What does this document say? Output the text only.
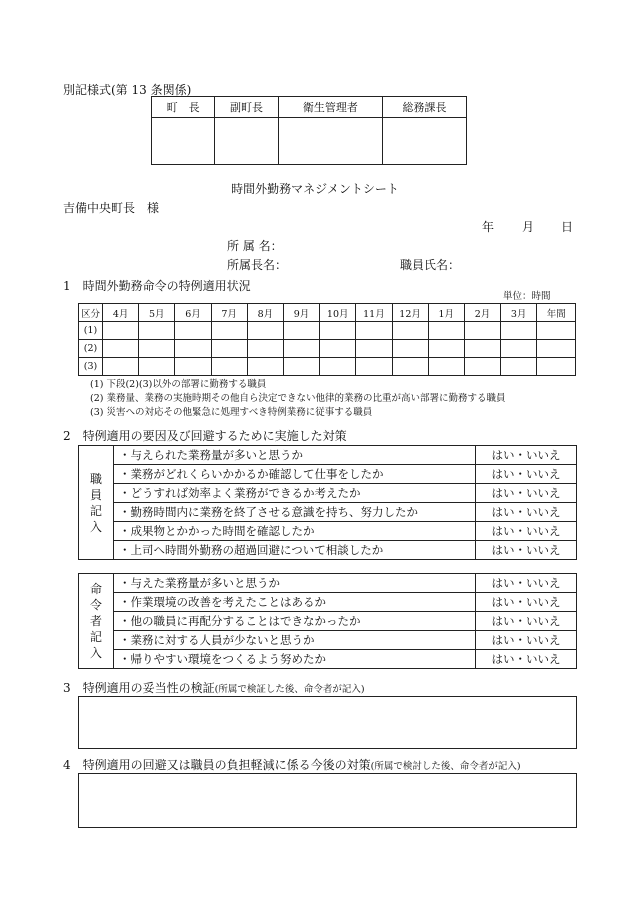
別記様式(第 13 条関係)
町　長	副町長	衛生管理者	総務課長

時間外勤務マネジメントシート
吉備中央町長　様
年 月 日
所 属 名：
所属長名：	職員氏名：
1　時間外勤務命令の特例適用状況
単位：時間
区分	4月	5月	6月	7月	8月	9月	10月	11月	12月	1月	2月	3月	年間
(1)													
(2)													
(3)													
(1) 下段(2)(3)以外の部署に勤務する職員
(2) 業務量、業務の実施時期その他自ら決定できない他律的業務の比重が高い部署に勤務する職員
(3) 災害への対応その他緊急に処理すべき特例業務に従事する職員
2　特例適用の要因及び回避するために実施した対策
職
員
記
入	・与えられた業務量が多いと思うか	はい・いいえ
	・業務がどれくらいかかるか確認して仕事をしたか	はい・いいえ
	・どうすれば効率よく業務ができるか考えたか	はい・いいえ
	・勤務時間内に業務を終了させる意識を持ち、努力したか	はい・いいえ
	・成果物とかかった時間を確認したか	はい・いいえ
	・上司へ時間外勤務の超過回避について相談したか	はい・いいえ
命
令
者
記
入	・与えた業務量が多いと思うか	はい・いいえ
	・作業環境の改善を考えたことはあるか	はい・いいえ
	・他の職員に再配分することはできなかったか	はい・いいえ
	・業務に対する人員が少ないと思うか	はい・いいえ
	・帰りやすい環境をつくるよう努めたか	はい・いいえ
3　特例適用の妥当性の検証(所属で検証した後、命令者が記入)
4　特例適用の回避又は職員の負担軽減に係る今後の対策(所属で検討した後、命令者が記入)
